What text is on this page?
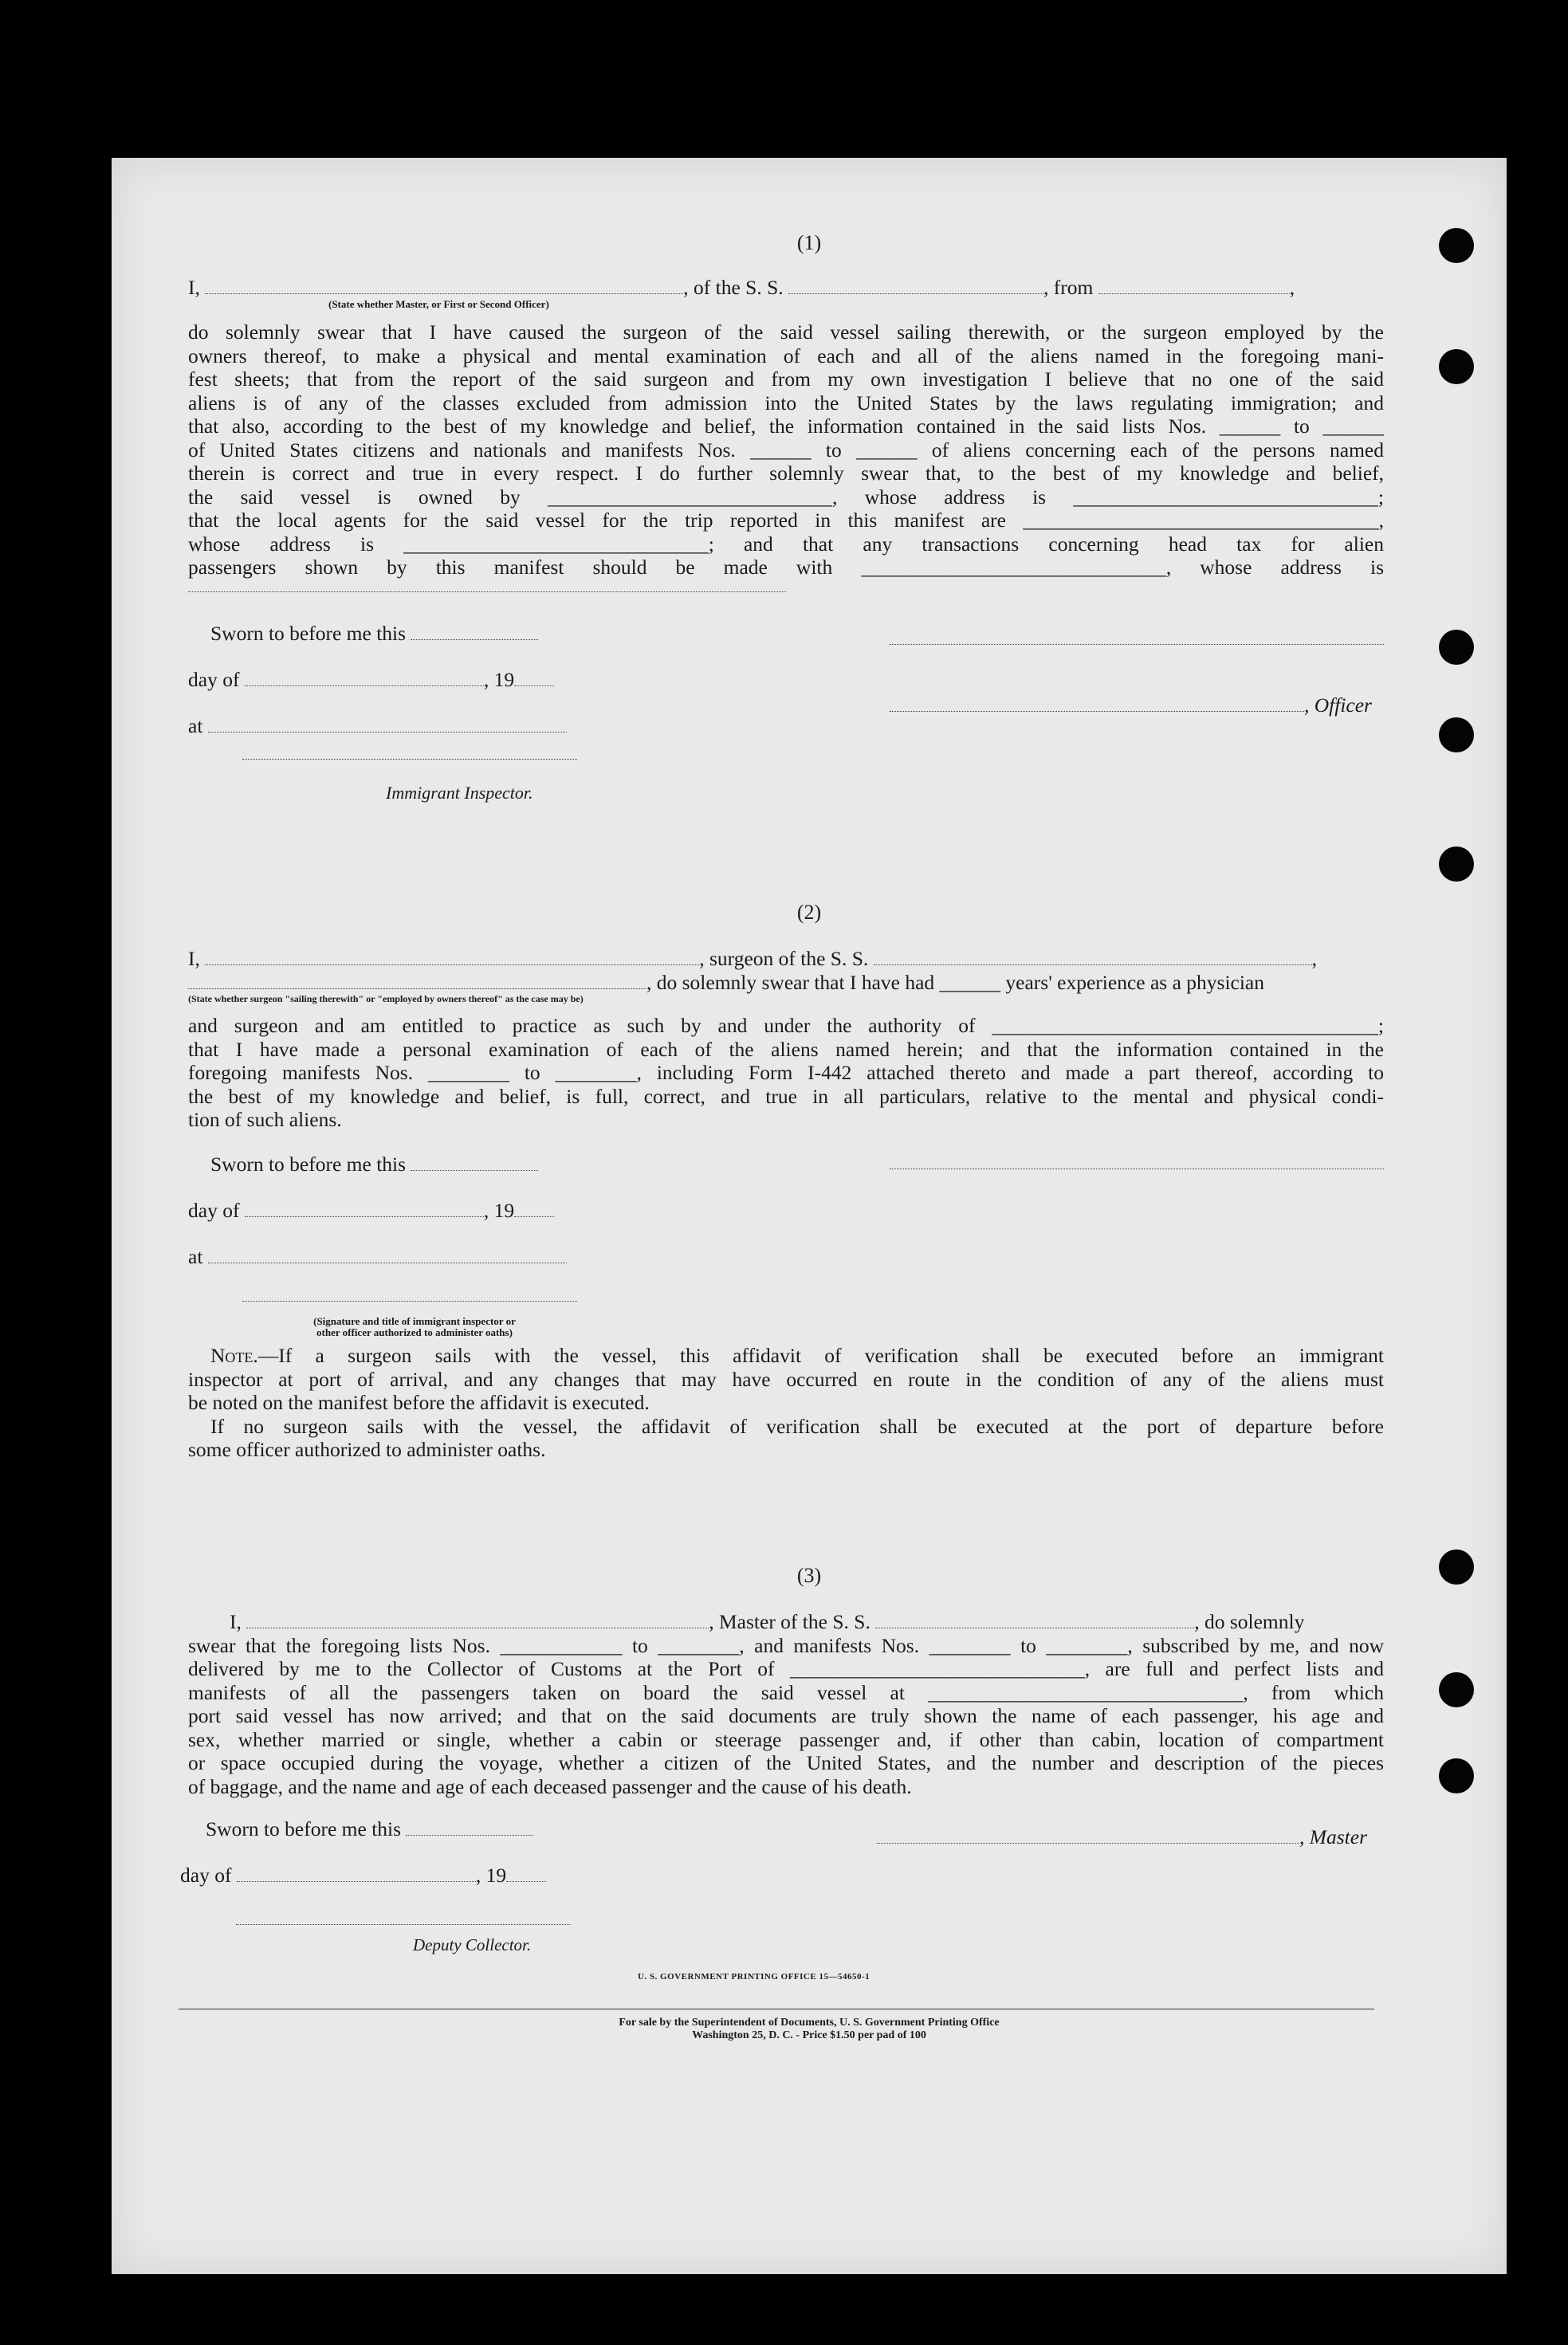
(1)
I,	, of the S. S.	, from	,
(State whether Master, or First or Second Officer)
do solemnly swear that I have caused the surgeon of the said vessel sailing therewith, or the surgeon employed by the
owners thereof, to make a physical and mental examination of each and all of the aliens named in the foregoing mani-
fest sheets; that from the report of the said surgeon and from my own investigation I believe that no one of the said
aliens is of any of the classes excluded from admission into the United States by the laws regulating immigration; and
that also, according to the best of my knowledge and belief, the information contained in the said lists Nos. ______ to ______
of United States citizens and nationals and manifests Nos. ______ to ______ of aliens concerning each of the persons named
therein is correct and true in every respect. I do further solemnly swear that, to the best of my knowledge and belief,
the said vessel is owned by ____________________________, whose address is ______________________________;
that the local agents for the said vessel for the trip reported in this manifest are ___________________________________,
whose address is ______________________________; and that any transactions concerning head tax for alien
passengers shown by this manifest should be made with ______________________________, whose address is
Sworn to before me this
day of	, 19
at
Immigrant Inspector.
, Officer
(2)
I,	, surgeon of the S. S.	,
, do solemnly swear that I have had ______ years' experience as a physician
(State whether surgeon "sailing therewith" or "employed by owners thereof" as the case may be)
and surgeon and am entitled to practice as such by and under the authority of ______________________________________;
that I have made a personal examination of each of the aliens named herein; and that the information contained in the
foregoing manifests Nos. ________ to ________, including Form I-442 attached thereto and made a part thereof, according to
the best of my knowledge and belief, is full, correct, and true in all particulars, relative to the mental and physical condi-
tion of such aliens.
Sworn to before me this
day of	, 19
at
(Signature and title of immigrant inspector or
other officer authorized to administer oaths)
Note.—If a surgeon sails with the vessel, this affidavit of verification shall be executed before an immigrant
inspector at port of arrival, and any changes that may have occurred en route in the condition of any of the aliens must
be noted on the manifest before the affidavit is executed.
If no surgeon sails with the vessel, the affidavit of verification shall be executed at the port of departure before
some officer authorized to administer oaths.
(3)
I,	, Master of the S. S.	, do solemnly
swear that the foregoing lists Nos. ____________ to ________, and manifests Nos. ________ to ________, subscribed by me, and now
delivered by me to the Collector of Customs at the Port of _____________________________, are full and perfect lists and
manifests of all the passengers taken on board the said vessel at _______________________________, from which
port said vessel has now arrived; and that on the said documents are truly shown the name of each passenger, his age and
sex, whether married or single, whether a cabin or steerage passenger and, if other than cabin, location of compartment
or space occupied during the voyage, whether a citizen of the United States, and the number and description of the pieces
of baggage, and the name and age of each deceased passenger and the cause of his death.
Sworn to before me this	, Master
day of	, 19
Deputy Collector.
U. S. GOVERNMENT PRINTING OFFICE 15—54650-1
For sale by the Superintendent of Documents, U. S. Government Printing Office
Washington 25, D. C. - Price $1.50 per pad of 100
